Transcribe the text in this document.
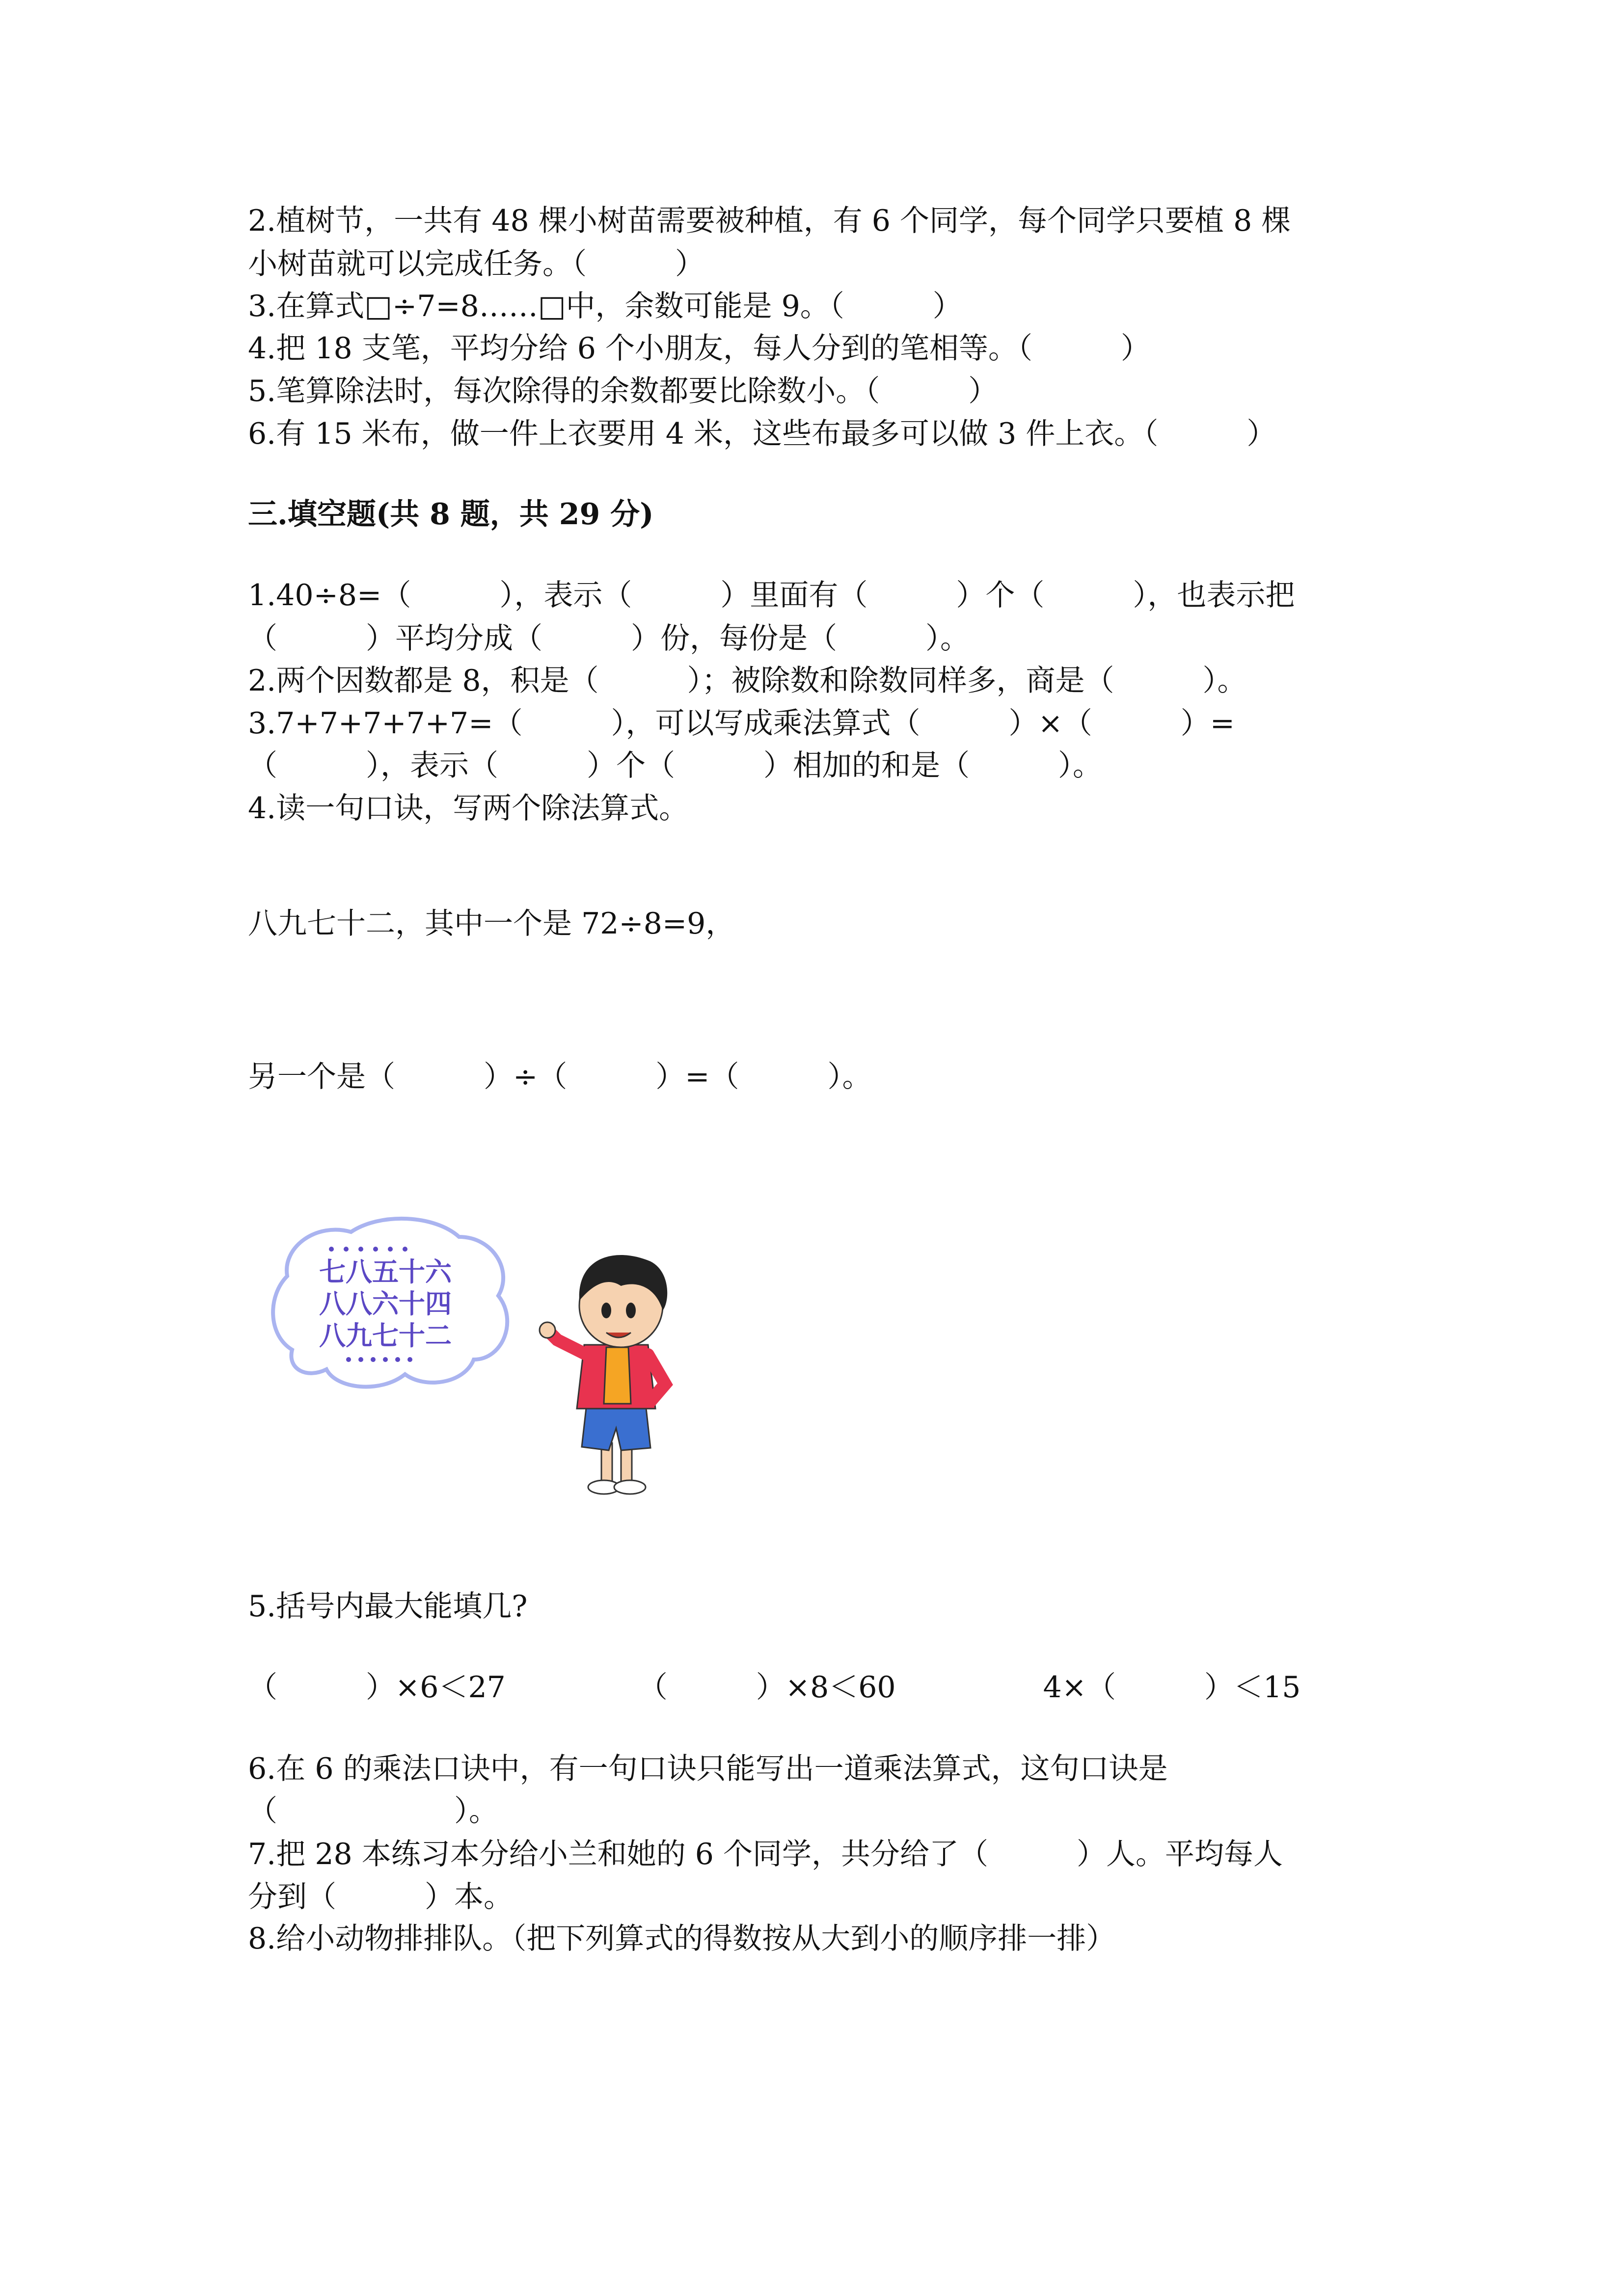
2.植树节，一共有 48 棵小树苗需要被种植，有 6 个同学，每个同学只要植 8 棵
小树苗就可以完成任务。（　　　）
3.在算式□÷7=8……□中，余数可能是 9。（　　　）
4.把 18 支笔，平均分给 6 个小朋友，每人分到的笔相等。（　　　）
5.笔算除法时，每次除得的余数都要比除数小。（　　　）
6.有 15 米布，做一件上衣要用 4 米，这些布最多可以做 3 件上衣。（　　　）
三.填空题(共 8 题，共 29 分)
1.40÷8=（　　　），表示（　　　）里面有（　　　）个（　　　），也表示把
（　　　）平均分成（　　　）份，每份是（　　　）。
2.两个因数都是 8，积是（　　　）；被除数和除数同样多，商是（　　　）。
3.7+7+7+7+7=（　　　），可以写成乘法算式（　　　）×（　　　）=
（　　　），表示（　　　）个（　　　）相加的和是（　　　）。
4.读一句口诀，写两个除法算式。
八九七十二，其中一个是 72÷8=9，
另一个是（　　　）÷（　　　）=（　　　）。
七八五十六
八八六十四
八九七十二
5.括号内最大能填几?
（　　　）×6＜27　　　　　（　　　）×8＜60　　　　　4×（　　　）＜15
6.在 6 的乘法口诀中，有一句口诀只能写出一道乘法算式，这句口诀是
（　　　　　　）。
7.把 28 本练习本分给小兰和她的 6 个同学，共分给了（　　　）人。平均每人
分到（　　　）本。
8.给小动物排排队。（把下列算式的得数按从大到小的顺序排一排）
